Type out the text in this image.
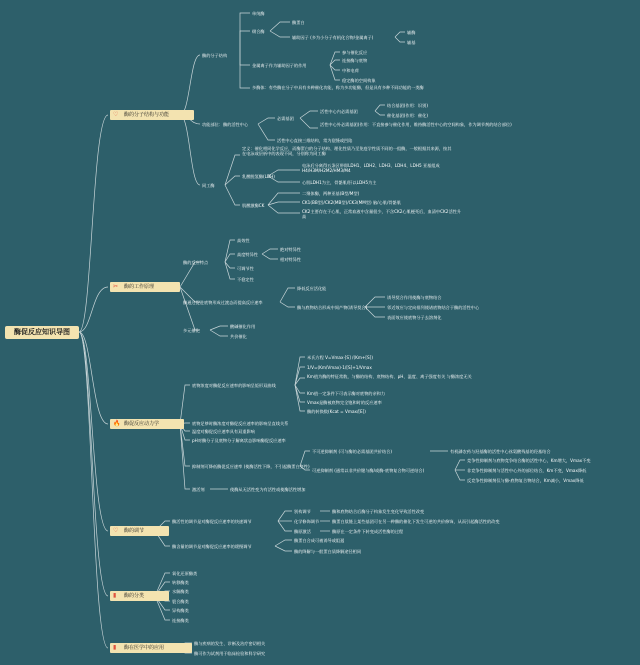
酶促反应知识导图
♡ 酶的分子结构与功能
酶的分子结构
单纯酶
缀合酶
酶蛋白
辅助因子 (多为小分子有机化合物/金属离子)
辅酶
辅基
金属离子作为辅助因子的作用
参与催化反应
连接酶与底物
中和电荷
稳定酶的空间构象
多酶体：有些酶在分子中具有多种催化功能，称为多功能酶，但是具有多种不同功能的一类酶
功能部位：酶的活性中心
必需基团
活性中心内必需基团
结合基团(作用：识别)
催化基团(作用：催化)
活性中心外必需基团(作用：不直接参与催化作用，维持酶活性中心的空间构象，作为调节剂的结合部位)
活性中心直接三维结构，常为裂缝或凹陷
同工酶
定义：催化相同化学反应，而酶蛋白的分子结构、理化性质乃至免疫学性质不同的一组酶，一般根据其来源，按其在电泳或层析中的表现不同，分别称为同工酶
乳酸脱氢酶(LDH)
电泳后分离得五条区带即LDH1、LDH2、LDH3、LDH4、LDH5 亚基组成 H4/H3M/H2M2/HM3/M4
心肌LDH1为主，骨骼肌/肝以LDH5为主
肌酸激酶CK
二聚体酶，两种亚基(B型/M型)
CK1(BB型)/CK2(MB型)/CK3(MM型) 脑/心肌/骨骼肌
CK2主要存在于心肌，正常血液中含量很少，不含CK2心肌梗死后，血清中CK2活性升高
✂ 酶的工作原理
酶的反应特点
高效性
高度特异性
绝对特异性
相对特异性
可调节性
不稳定性
酶通过促进底物形成过渡态而提高反应速率
降低反应活化能
酶与底物结合形成中间产物(诱导契合)
诱导契合作用使酶与底物结合
邻近效应与定向排列使诸底物结合于酶的活性中心
表面效应使底物分子去溶剂化
多元催化
酸碱催化作用
共价催化
🔥 酶促反应动力学
底物浓度对酶促反应速率的影响呈矩形双曲线
米氏方程 V=Vmax·[S] /(Km+[S])
1/V=(Km/Vmax)·1/[S]+1/Vmax
Km值为酶的特征常数，与酶的结构、底物结构、pH、温度、离子强度有关 与酶浓度无关
Km值一定条件下可表示酶对底物的亲和力
Vmax是酶被底物完全饱和时的反应速率
酶的转换数(Kcat = Vmax/[E])
底物足够时酶浓度对酶促反应速率的影响呈直线关系
温度对酶促反应速率具有双重影响
pH对酶分子及底物分子解离状态影响酶促反应速率
抑制剂可降低酶促反应速率 (使酶活性下降，不引起酶蛋白变性)
不可逆抑制剂 (可与酶的必需基团共价结合)	有机磷农药与羟基酶的活性中心丝氨酸残基的羟基结合
可逆抑制剂 (通常以非共价键与酶/或酶-底物复合物可逆结合)
竞争性抑制剂与底物竞争结合酶的活性中心，Km增大，Vmax不变
非竞争性抑制剂与活性中心外的部位结合，Km不变，Vmax降低
反竞争性抑制剂仅与酶-底物复合物结合，Km减小，Vmax降低
激活剂	使酶从无活性变为有活性或使酶活性增加
♡ 酶的调节
酶活性的调节是对酶促反应速率的快速调节
别构调节	酶和底物结合后酶分子构象发生变化导致活性改变
化学修饰调节	酶蛋白肽链上某些基团可在另一种酶的催化下发生可逆的共价修饰，从而引起酶活性的改变
酶原激活	酶原在一定条件下转变成活性酶的过程
酶含量的调节是对酶促反应速率的缓慢调节
酶蛋白合成可被诱导或阻遏
酶的降解与一般蛋白质降解途径相同
▮ 酶的分类
氧化还原酶类
转移酶类
水解酶类
裂合酶类
异构酶类
连接酶类
▮ 酶在医学中的应用
酶与疾病的发生、诊断及治疗密切相关
酶可作为试剂用于临床检验和科学研究
